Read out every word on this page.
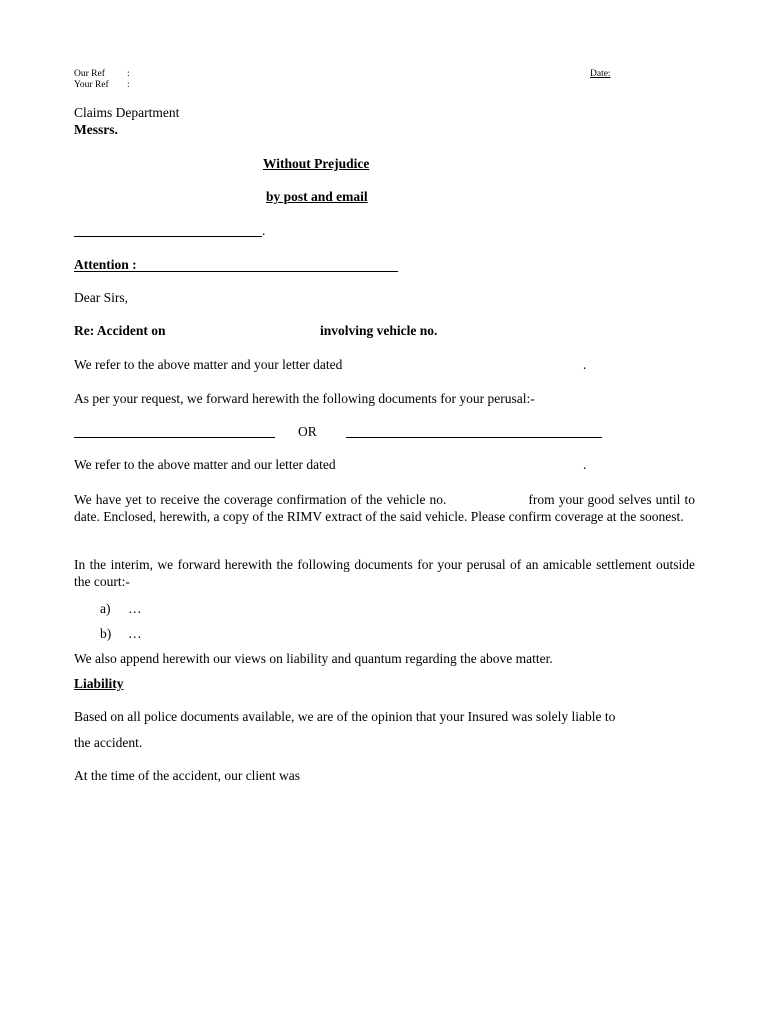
Our Ref :
Your Ref :
Date:
Claims Department
Messrs.
Without Prejudice
by post and email
.
Attention :
Dear Sirs,
Re: Accident on	involving vehicle no.
We refer to the above matter and your letter dated	.
As per your request, we forward herewith the following documents for your perusal:-
OR
We refer to the above matter and our letter dated	.
We have yet to receive the coverage confirmation of the vehicle no.	from your good selves until to date. Enclosed, herewith, a copy of the RIMV extract of the said vehicle. Please confirm coverage at the soonest.
In the interim, we forward herewith the following documents for your perusal of an amicable settlement outside the court:-
a) …
b) …
We also append herewith our views on liability and quantum regarding the above matter.
Liability
Based on all police documents available, we are of the opinion that your Insured was solely liable to
the accident.
At the time of the accident, our client was
